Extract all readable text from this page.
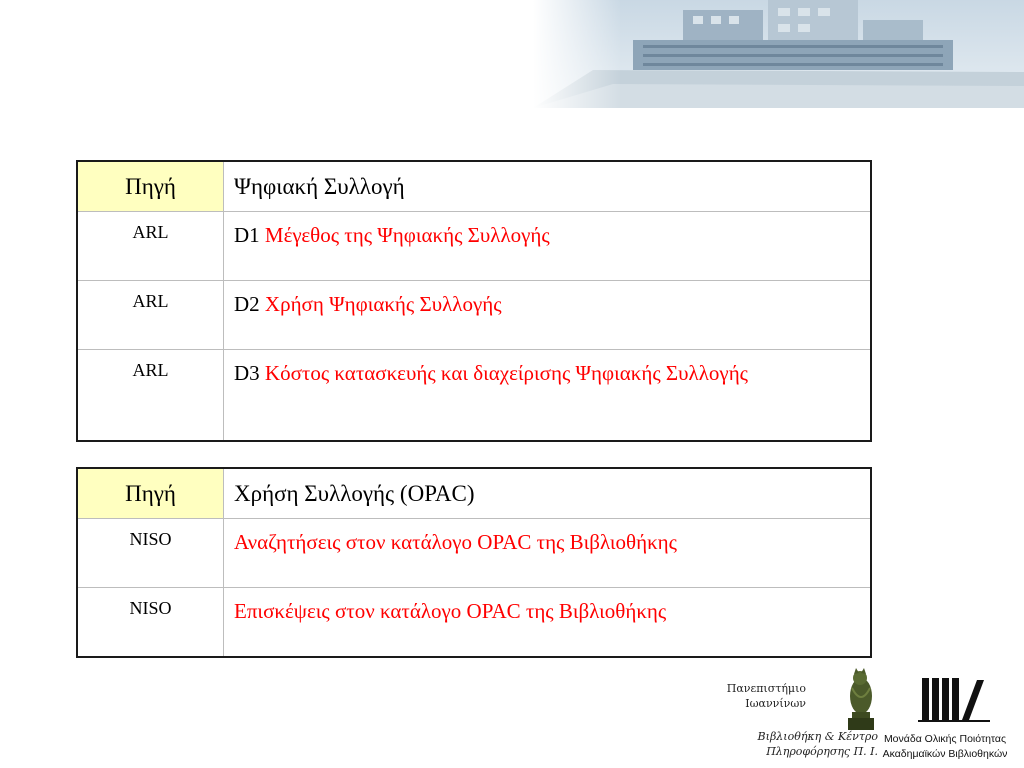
Πηγή	Ψηφιακή Συλλογή
ARL	D1 Μέγεθος της Ψηφιακής Συλλογής
ARL	D2 Χρήση Ψηφιακής Συλλογής
ARL	D3 Κόστος κατασκευής και διαχείρισης Ψηφιακής Συλλογής
Πηγή	Χρήση Συλλογής (OPAC)
NISO	Αναζητήσεις στον κατάλογο OPAC της Βιβλιοθήκης
NISO	Επισκέψεις στον κατάλογο OPAC της Βιβλιοθήκης
Πανεπιστήμιο
Ιωαννίνων
Βιβλιοθήκη & Κέντρο
Πληροφόρησης Π. Ι.
Μονάδα Ολικής Ποιότητας
Ακαδημαϊκών Βιβλιοθηκών
